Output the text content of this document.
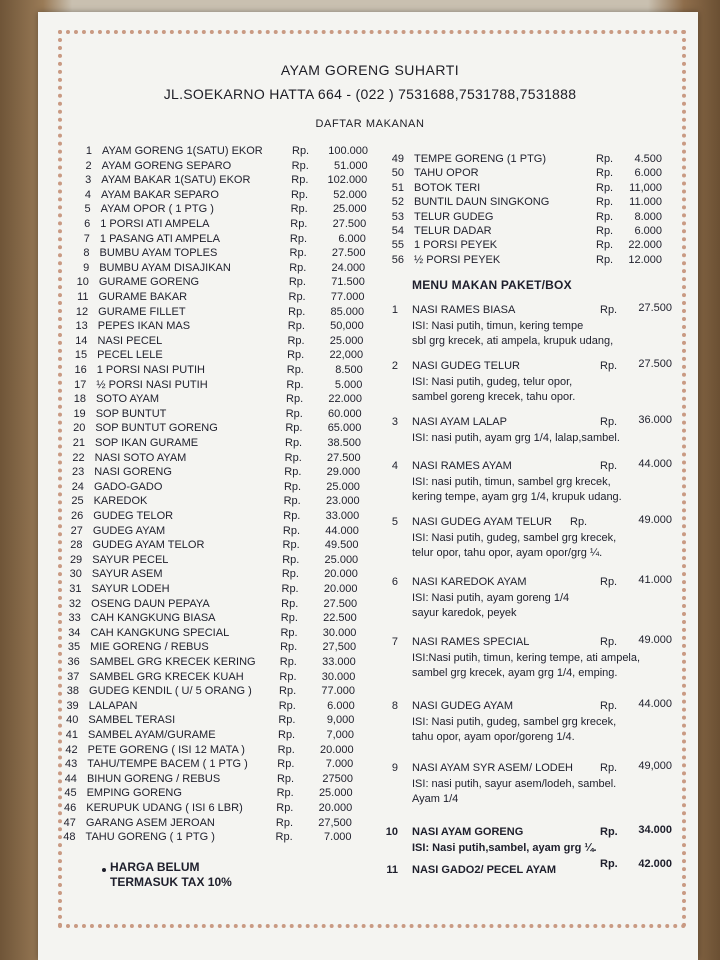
AYAM GORENG SUHARTI
JL.SOEKARNO HATTA 664 - (022 ) 7531688,7531788,7531888
DAFTAR MAKANAN
1 AYAM GORENG 1(SATU) EKOR	Rp.	100.000
2 AYAM GORENG SEPARO	Rp.	51.000
3 AYAM BAKAR 1(SATU) EKOR	Rp.	102.000
4 AYAM BAKAR SEPARO	Rp.	52.000
5 AYAM OPOR ( 1 PTG )	Rp.	25.000
6 1 PORSI ATI AMPELA	Rp.	27.500
7 1 PASANG ATI AMPELA	Rp.	6.000
8 BUMBU AYAM TOPLES	Rp.	27.500
9 BUMBU AYAM DISAJIKAN	Rp.	24.000
10 GURAME GORENG	Rp.	71.500
11 GURAME BAKAR	Rp.	77.000
12 GURAME FILLET	Rp.	85.000
13 PEPES IKAN MAS	Rp.	50,000
14 NASI PECEL	Rp.	25.000
15 PECEL LELE	Rp.	22,000
16 1 PORSI NASI PUTIH	Rp.	8.500
17 ½ PORSI NASI PUTIH	Rp.	5.000
18 SOTO AYAM	Rp.	22.000
19 SOP BUNTUT	Rp.	60.000
20 SOP BUNTUT GORENG	Rp.	65.000
21 SOP IKAN GURAME	Rp.	38.500
22 NASI SOTO AYAM	Rp.	27.500
23 NASI GORENG	Rp.	29.000
24 GADO-GADO	Rp.	25.000
25 KAREDOK	Rp.	23.000
26 GUDEG TELOR	Rp.	33.000
27 GUDEG AYAM	Rp.	44.000
28 GUDEG AYAM TELOR	Rp.	49.500
29 SAYUR PECEL	Rp.	25.000
30 SAYUR ASEM	Rp.	20.000
31 SAYUR LODEH	Rp.	20.000
32 OSENG DAUN PEPAYA	Rp.	27.500
33 CAH KANGKUNG BIASA	Rp.	22.500
34 CAH KANGKUNG SPECIAL	Rp.	30.000
35 MIE GORENG / REBUS	Rp.	27,500
36 SAMBEL GRG KRECEK KERING Rp.	33.000
37 SAMBEL GRG KRECEK KUAH	Rp.	30.000
38 GUDEG KENDIL ( U/ 5 ORANG ) Rp.	77.000
39 LALAPAN	Rp.	6.000
40 SAMBEL TERASI	Rp.	9,000
41 SAMBEL AYAM/GURAME	Rp.	7,000
42 PETE GORENG ( ISI 12 MATA )	Rp.	20.000
43 TAHU/TEMPE BACEM ( 1 PTG )	Rp.	7.000
44 BIHUN GORENG / REBUS	Rp.	27500
45 EMPING GORENG	Rp.	25.000
46 KERUPUK UDANG ( ISI 6 LBR)	Rp.	20.000
47 GARANG ASEM JEROAN	Rp.	27,500
48 TAHU GORENG ( 1 PTG )	Rp.	7.000
49 TEMPE GORENG (1 PTG)	Rp.	4.500
50 TAHU OPOR	Rp.	6.000
51 BOTOK TERI	Rp.	11,000
52 BUNTIL DAUN SINGKONG	Rp.	11.000
53 TELUR GUDEG	Rp.	8.000
54 TELUR DADAR	Rp.	6.000
55 1 PORSI PEYEK	Rp.	22.000
56 ½ PORSI PEYEK	Rp.	12.000
HARGA BELUM
TERMASUK TAX 10%
MENU MAKAN PAKET/BOX
1 NASI RAMES BIASA	Rp.	27.500
ISI: Nasi putih, timun, kering tempe
sbl grg krecek, ati ampela, krupuk udang,
2 NASI GUDEG TELUR	Rp.	27.500
ISI: Nasi putih, gudeg, telur opor,
sambel goreng krecek, tahu opor.
3 NASI AYAM LALAP	Rp.	36.000
ISI: nasi putih, ayam grg 1/4, lalap,sambel.
4 NASI RAMES AYAM	Rp.	44.000
ISI: nasi putih, timun, sambel grg krecek,
kering tempe, ayam grg 1/4, krupuk udang.
5 NASI GUDEG AYAM TELUR Rp.	49.000
ISI: Nasi putih, gudeg, sambel grg krecek,
telur opor, tahu opor, ayam opor/grg ¼.
6 NASI KAREDOK AYAM	Rp.	41.000
ISI: Nasi putih, ayam goreng 1/4
sayur karedok, peyek
7 NASI RAMES SPECIAL	Rp.	49.000
ISI:Nasi putih, timun, kering tempe, ati ampela,
sambel grg krecek, ayam grg 1/4, emping.
8 NASI GUDEG AYAM	Rp.	44.000
ISI: Nasi putih, gudeg, sambel grg krecek,
tahu opor, ayam opor/goreng 1/4.
9 NASI AYAM SYR ASEM/ LODEH Rp.	49,000
ISI: nasi putih, sayur asem/lodeh, sambel.
Ayam 1/4
10 NASI AYAM GORENG	Rp.	34.000
ISI: Nasi putih,sambel, ayam grg ¼.
11 NASI GADO2/ PECEL AYAM	Rp.	42.000
